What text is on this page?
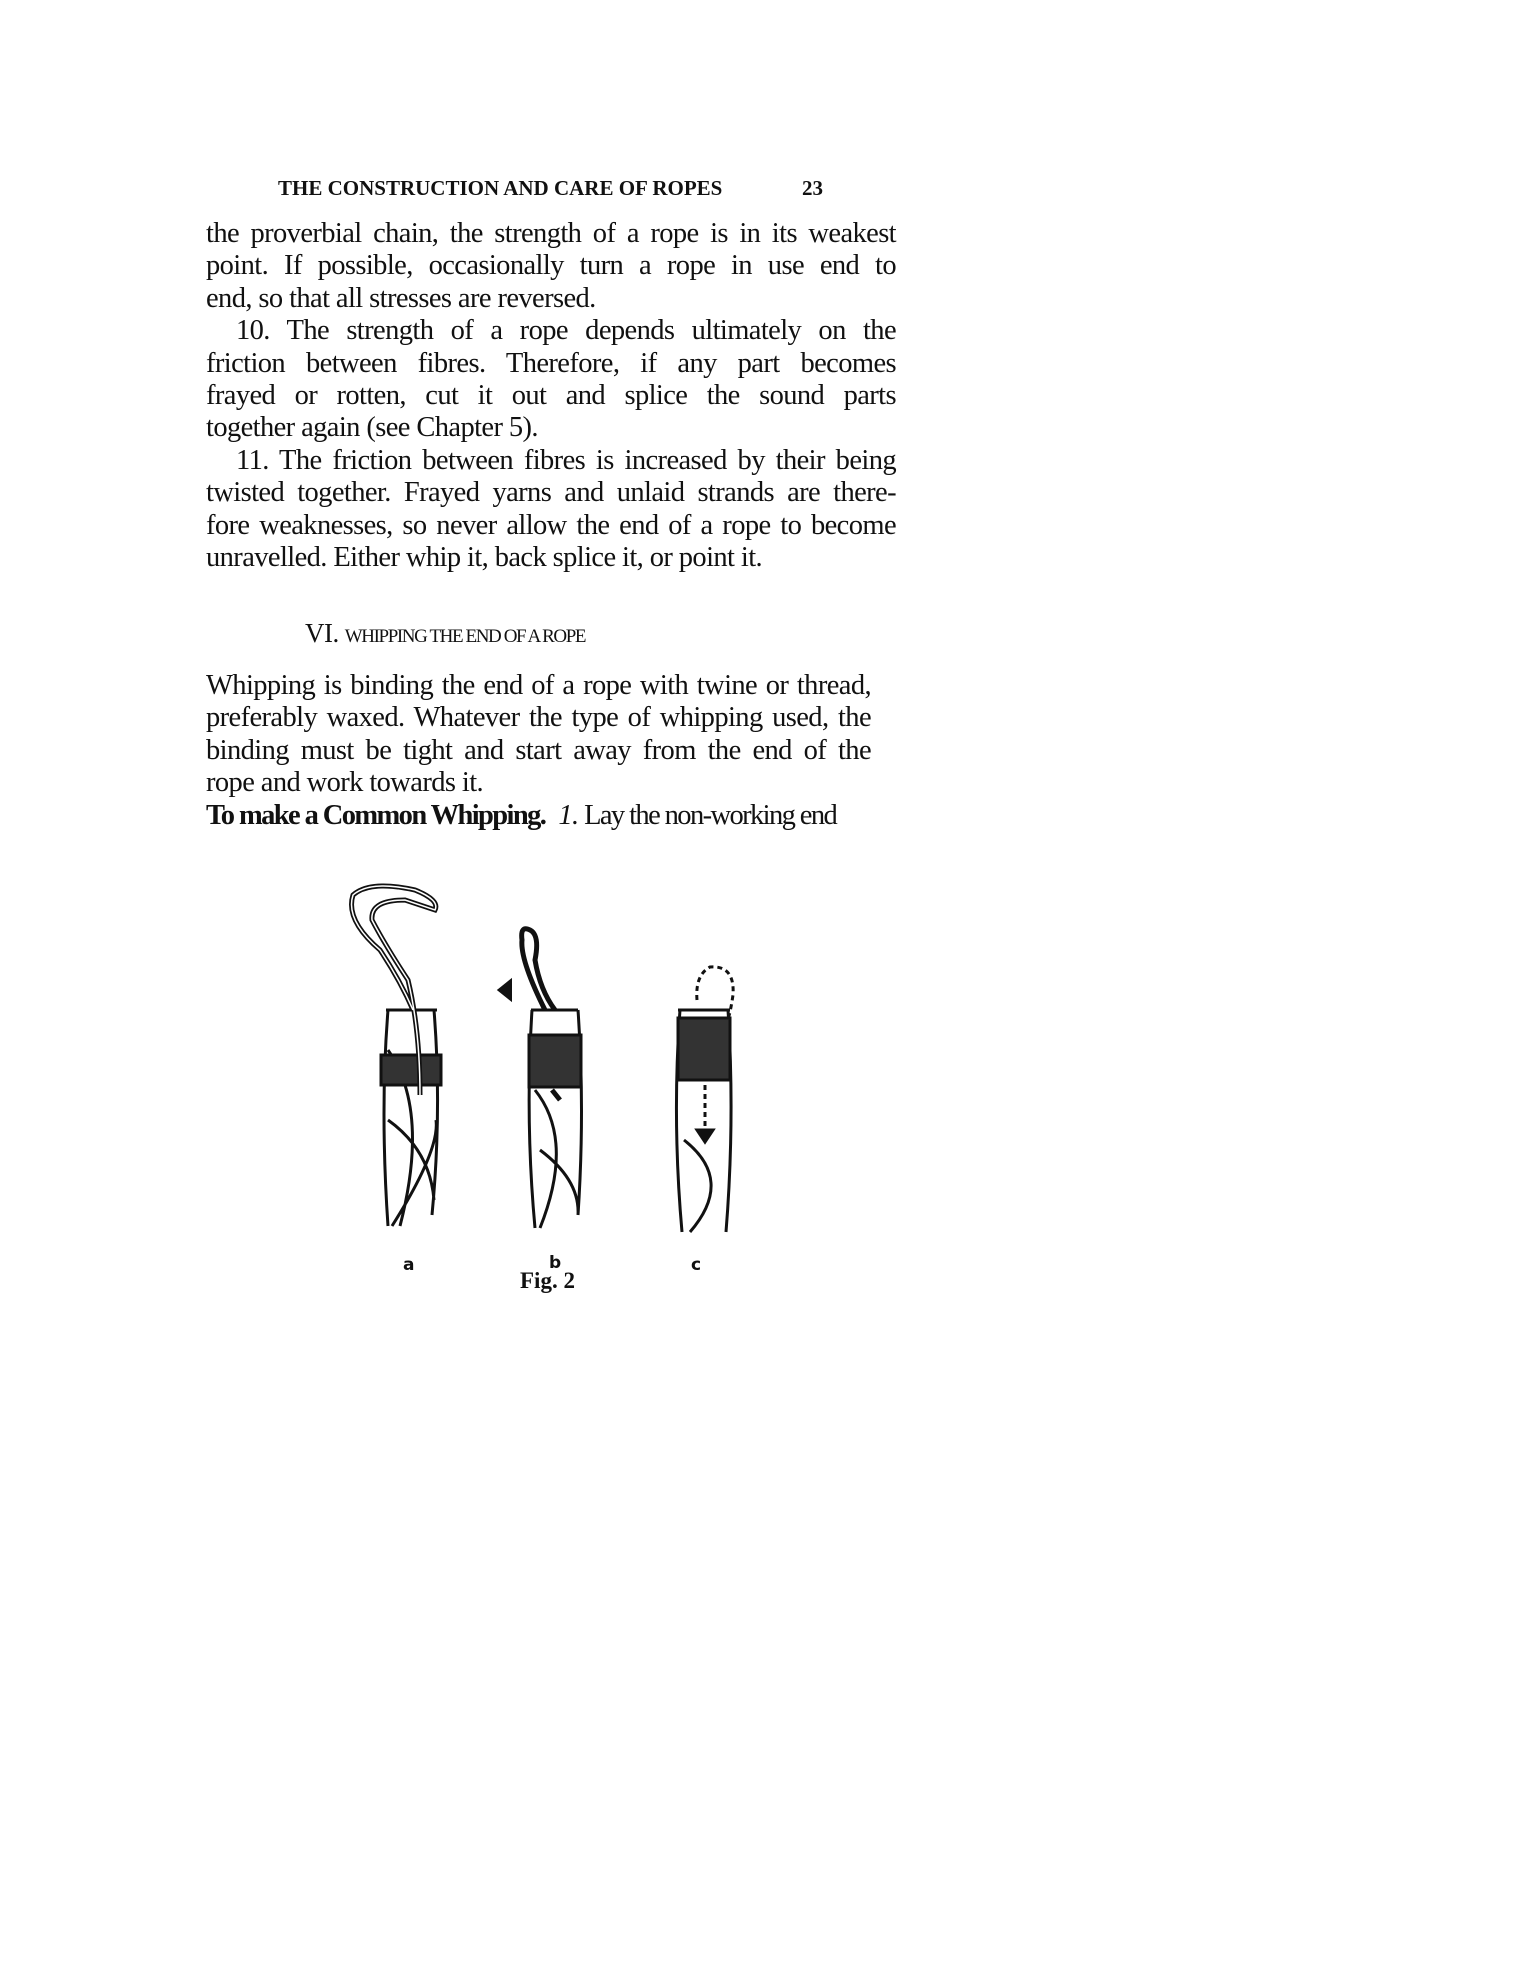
THE CONSTRUCTION AND CARE OF ROPES	23
the proverbial chain, the strength of a rope is in its weakest
point. If possible, occasionally turn a rope in use end to
end, so that all stresses are reversed.
10. The strength of a rope depends ultimately on the
friction between fibres. Therefore, if any part becomes
frayed or rotten, cut it out and splice the sound parts
together again (see Chapter 5).
11. The friction between fibres is increased by their being
twisted together. Frayed yarns and unlaid strands are there-
fore weaknesses, so never allow the end of a rope to become
unravelled. Either whip it, back splice it, or point it.
VI. WHIPPING THE END OF A ROPE
Whipping is binding the end of a rope with twine or thread,
preferably waxed. Whatever the type of whipping used, the
binding must be tight and start away from the end of the
rope and work towards it.
To make a Common Whipping. 1. Lay the non-working end
a	b	c
Fig. 2
